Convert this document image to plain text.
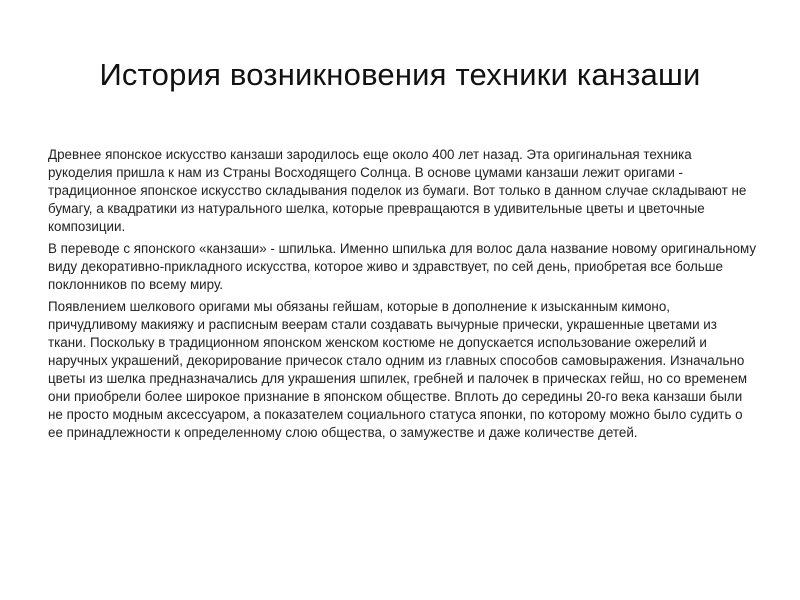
История возникновения техники канзаши

Древнее японское искусство канзаши зародилось еще около 400 лет назад. Эта оригинальная техника рукоделия пришла к нам из Страны Восходящего Солнца. В основе цумами канзаши лежит оригами - традиционное японское искусство складывания поделок из бумаги. Вот только в данном случае складывают не бумагу, а квадратики из натурального шелка, которые превращаются в удивительные цветы и цветочные композиции.

В переводе с японского «канзаши» - шпилька. Именно шпилька для волос дала название новому оригинальному виду декоративно-прикладного искусства, которое живо и здравствует, по сей день, приобретая все больше поклонников по всему миру.

Появлением шелкового оригами мы обязаны гейшам, которые в дополнение к изысканным кимоно, причудливому макияжу и расписным веерам стали создавать вычурные прически, украшенные цветами из ткани. Поскольку в традиционном японском женском костюме не допускается использование ожерелий и наручных украшений, декорирование причесок стало одним из главных способов самовыражения. Изначально цветы из шелка предназначались для украшения шпилек, гребней и палочек в прическах гейш, но со временем они приобрели более широкое признание в японском обществе. Вплоть до середины 20-го века канзаши были не просто модным аксессуаром, а показателем социального статуса японки, по которому можно было судить о ее принадлежности к определенному слою общества, о замужестве и даже количестве детей.
